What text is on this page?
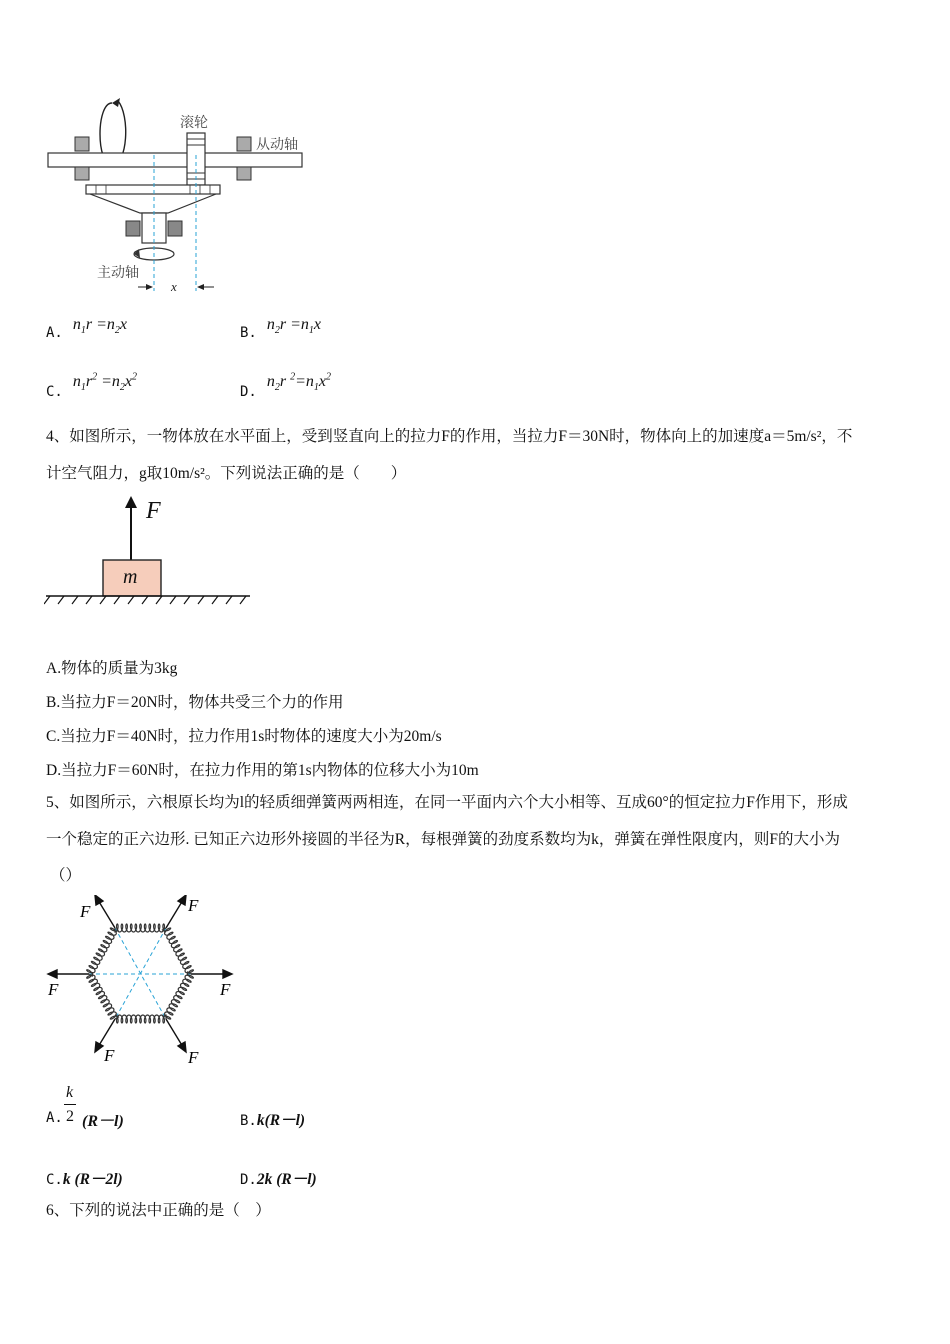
滚轮
从动轴
主动轴
x
A. $n_1r =n_2x$	B. $n_2r =n_1x$
C. $n_1r^2 =n_2x^2$
D. $n_2r$ $^2=n_1x^2$
4、如图所示，一物体放在水平面上，受到竖直向上的拉力F的作用，当拉力F＝30N时，物体向上的加速度a＝5m/s²，不
计空气阻力，g取10m/s²。下列说法正确的是（　　）
F
m
A.物体的质量为3kg
B.当拉力F＝20N时，物体共受三个力的作用
C.当拉力F＝40N时，拉力作用1s时物体的速度大小为20m/s
D.当拉力F＝60N时，在拉力作用的第1s内物体的位移大小为10m
5、如图所示，六根原长均为l的轻质细弹簧两两相连，在同一平面内六个大小相等、互成60°的恒定拉力F作用下，形成
一个稳定的正六边形. 已知正六边形外接圆的半径为R，每根弹簧的劲度系数均为k，弹簧在弹性限度内，则F的大小为
（）
F	F
F	F
F	F
A.
k
2 (R－l)	B.k(R－l)
C.k (R－2l)	D.2k (R－l)
6、下列的说法中正确的是（　）
